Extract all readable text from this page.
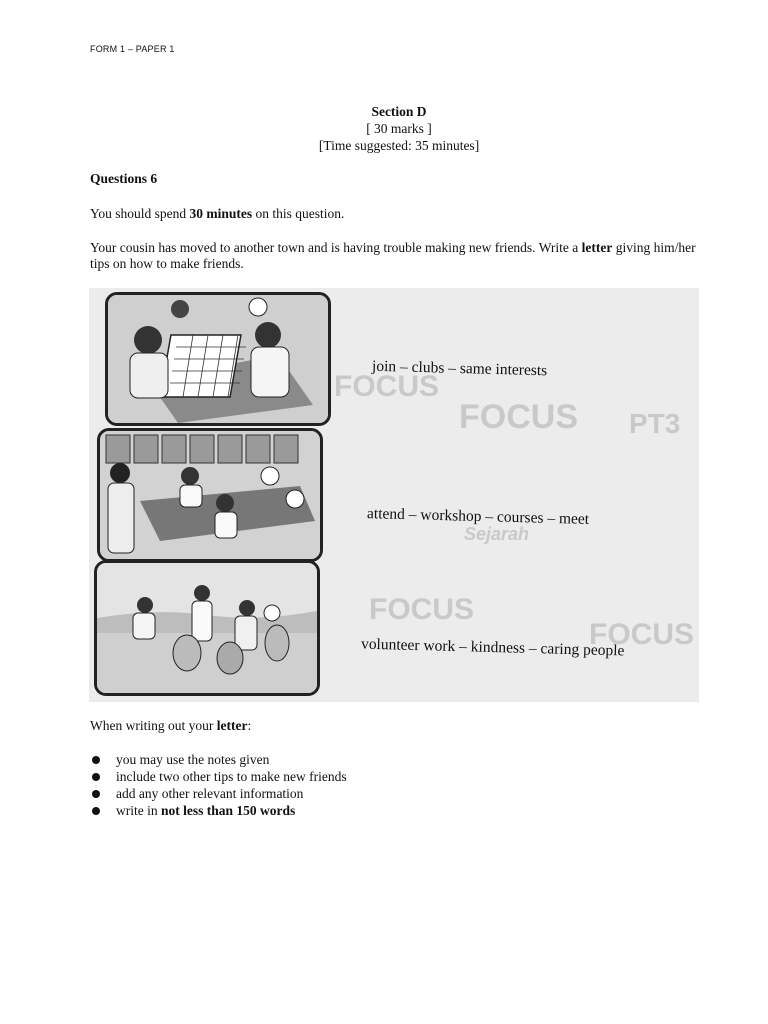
FORM 1 – PAPER 1
Section D
[ 30 marks ]
[Time suggested: 35 minutes]
Questions 6
You should spend 30 minutes on this question.
Your cousin has moved to another town and is having trouble making new friends. Write a letter giving him/her tips on how to make friends.
FOCUS
FOCUS PT3
FOCUS
Sejarah
FOCUS
join – clubs – same interests
attend – workshop – courses – meet
volunteer work – kindness – caring people
When writing out your letter:
you may use the notes given
include two other tips to make new friends
add any other relevant information
write in not less than 150 words
